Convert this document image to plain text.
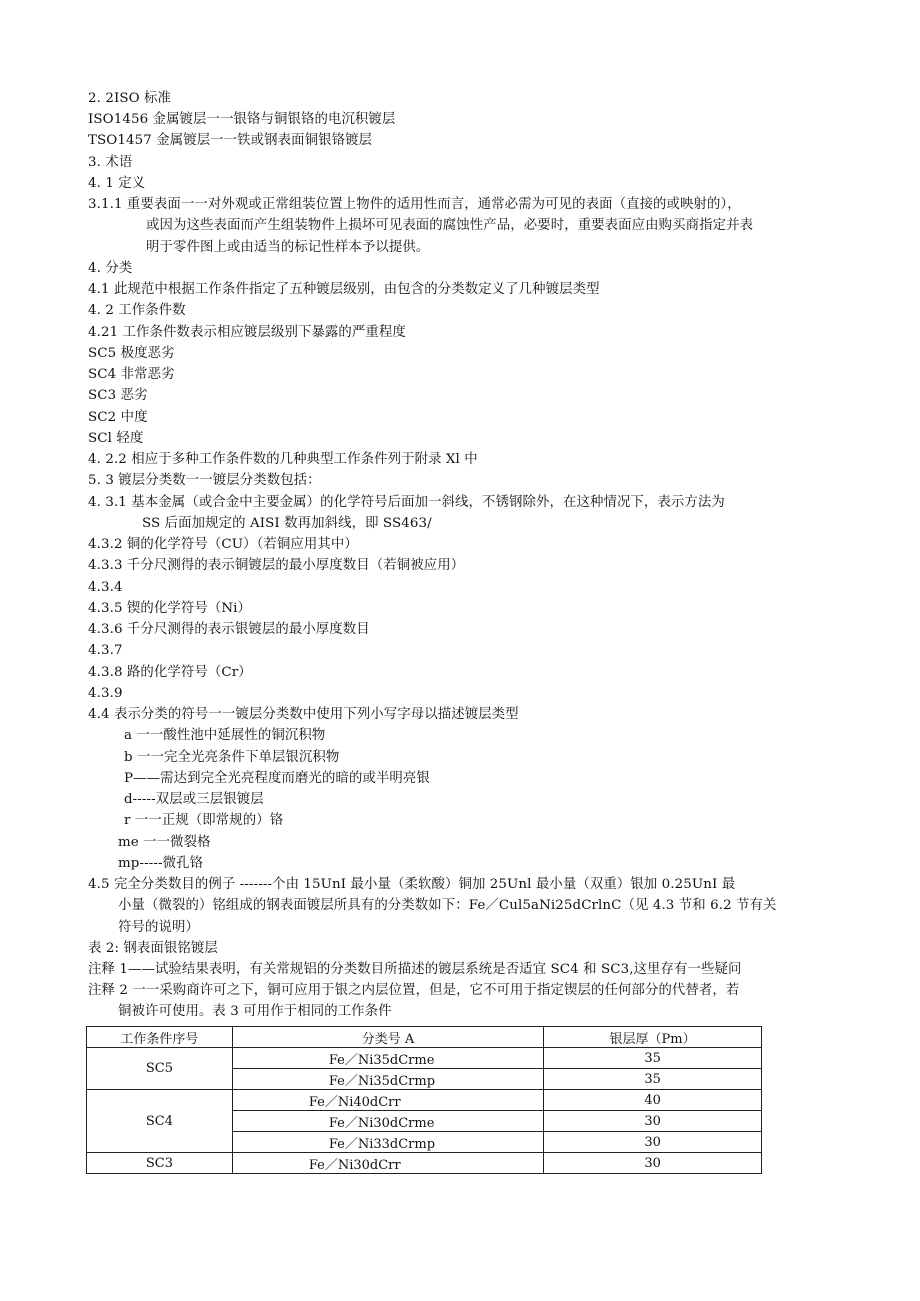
2. 2ISO 标准
ISO1456 金属镀层一一银铬与铜银铬的电沉积镀层
TSO1457 金属镀层一一铁或钢表面铜银铬镀层
3. 术语
4. 1 定义
3.1.1 重要表面一一对外观或正常组装位置上物件的适用性而言，通常必需为可见的表面（直接的或映射的），
或因为这些表面而产生组装物件上损坏可见表面的腐蚀性产品，必要时，重要表面应由购买商指定并表
明于零件图上或由适当的标记性样本予以提供。
4. 分类
4.1 此规范中根据工作条件指定了五种镀层级别，由包含的分类数定义了几种镀层类型
4. 2 工作条件数
4.21 工作条件数表示相应镀层级别下暴露的严重程度
SC5 极度恶劣
SC4 非常恶劣
SC3 恶劣
SC2 中度
SCl 轻度
4. 2.2 相应于多种工作条件数的几种典型工作条件列于附录 Xl 中
5. 3 镀层分类数一一镀层分类数包括：
4. 3.1 基本金属（或合金中主要金属）的化学符号后面加一斜线，不锈钢除外，在这种情况下，表示方法为
SS 后面加规定的 AISI 数再加斜线，即 SS463/
4.3.2 铜的化学符号（CU）（若铜应用其中）
4.3.3 千分尺测得的表示铜镀层的最小厚度数目（若铜被应用）
4.3.4
4.3.5 锲的化学符号（Ni）
4.3.6 千分尺测得的表示银镀层的最小厚度数目
4.3.7
4.3.8 路的化学符号（Cr）
4.3.9
4.4 表示分类的符号一一镀层分类数中使用下列小写字母以描述镀层类型
a 一一酸性池中延展性的铜沉积物
b 一一完全光亮条件下单层银沉积物
P——需达到完全光亮程度而磨光的暗的或半明亮银
d-----双层或三层银镀层
r 一一正规（即常规的）铬
me 一一微裂格
mp-----微孔铬
4.5 完全分类数目的例子 -------个由 15UnI 最小量（柔软酸）铜加 25Unl 最小量（双重）银加 0.25UnI 最
小量（微裂的）铭组成的钢表面镀层所具有的分类数如下：Fe／Cul5aNi25dCrlnC（见 4.3 节和 6.2 节有关
符号的说明）
表 2: 钢表面银铭镀层
注释 1——试验结果表明，有关常规铝的分类数目所描述的镀层系统是否适宜 SC4 和 SC3,这里存有一些疑问
注释 2 一一采购商许可之下，铜可应用于银之内层位置，但是，它不可用于指定锲层的任何部分的代替者，若
铜被许可使用。表 3 可用作于相同的工作条件
工作条件序号	分类号 A	银层厚（Pm）
SC5	Fe／Ni35dCrme	35
	Fe／Ni35dCrmp	35
SC4	Fe／Ni40dCrr	40
	Fe／Ni30dCrme	30
	Fe／Ni33dCrmp	30
SC3	Fe／Ni30dCrr	30
